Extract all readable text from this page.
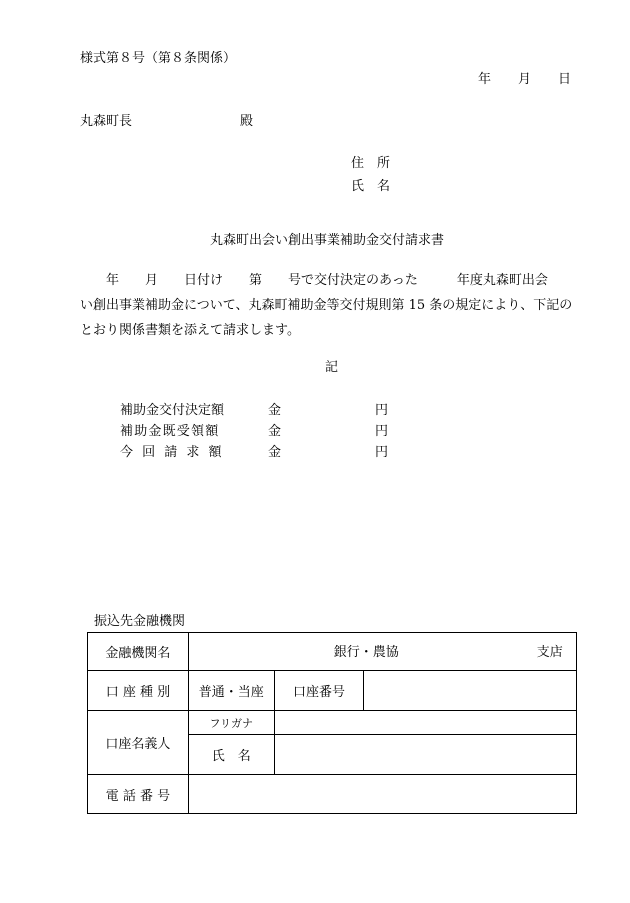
様式第８号（第８条関係）
年 月 日
丸森町長	殿
住　所
氏　名
丸森町出会い創出事業補助金交付請求書
　　年　　月　　日付け　　第　　号で交付決定のあった　　　年度丸森町出会
い創出事業補助金について、丸森町補助金等交付規則第 15 条の規定により、下記の
とおり関係書類を添えて請求します。
記
補助金交付決定額	金	円
補助金既受領額	金	円
今 回 請 求 額	金	円
振込先金融機関
金融機関名	銀行・農協 支店		

口 座 種 別	普通・当座	口座番号	
口座名義人	フリガナ		
	氏　名		
電 話 番 号			
